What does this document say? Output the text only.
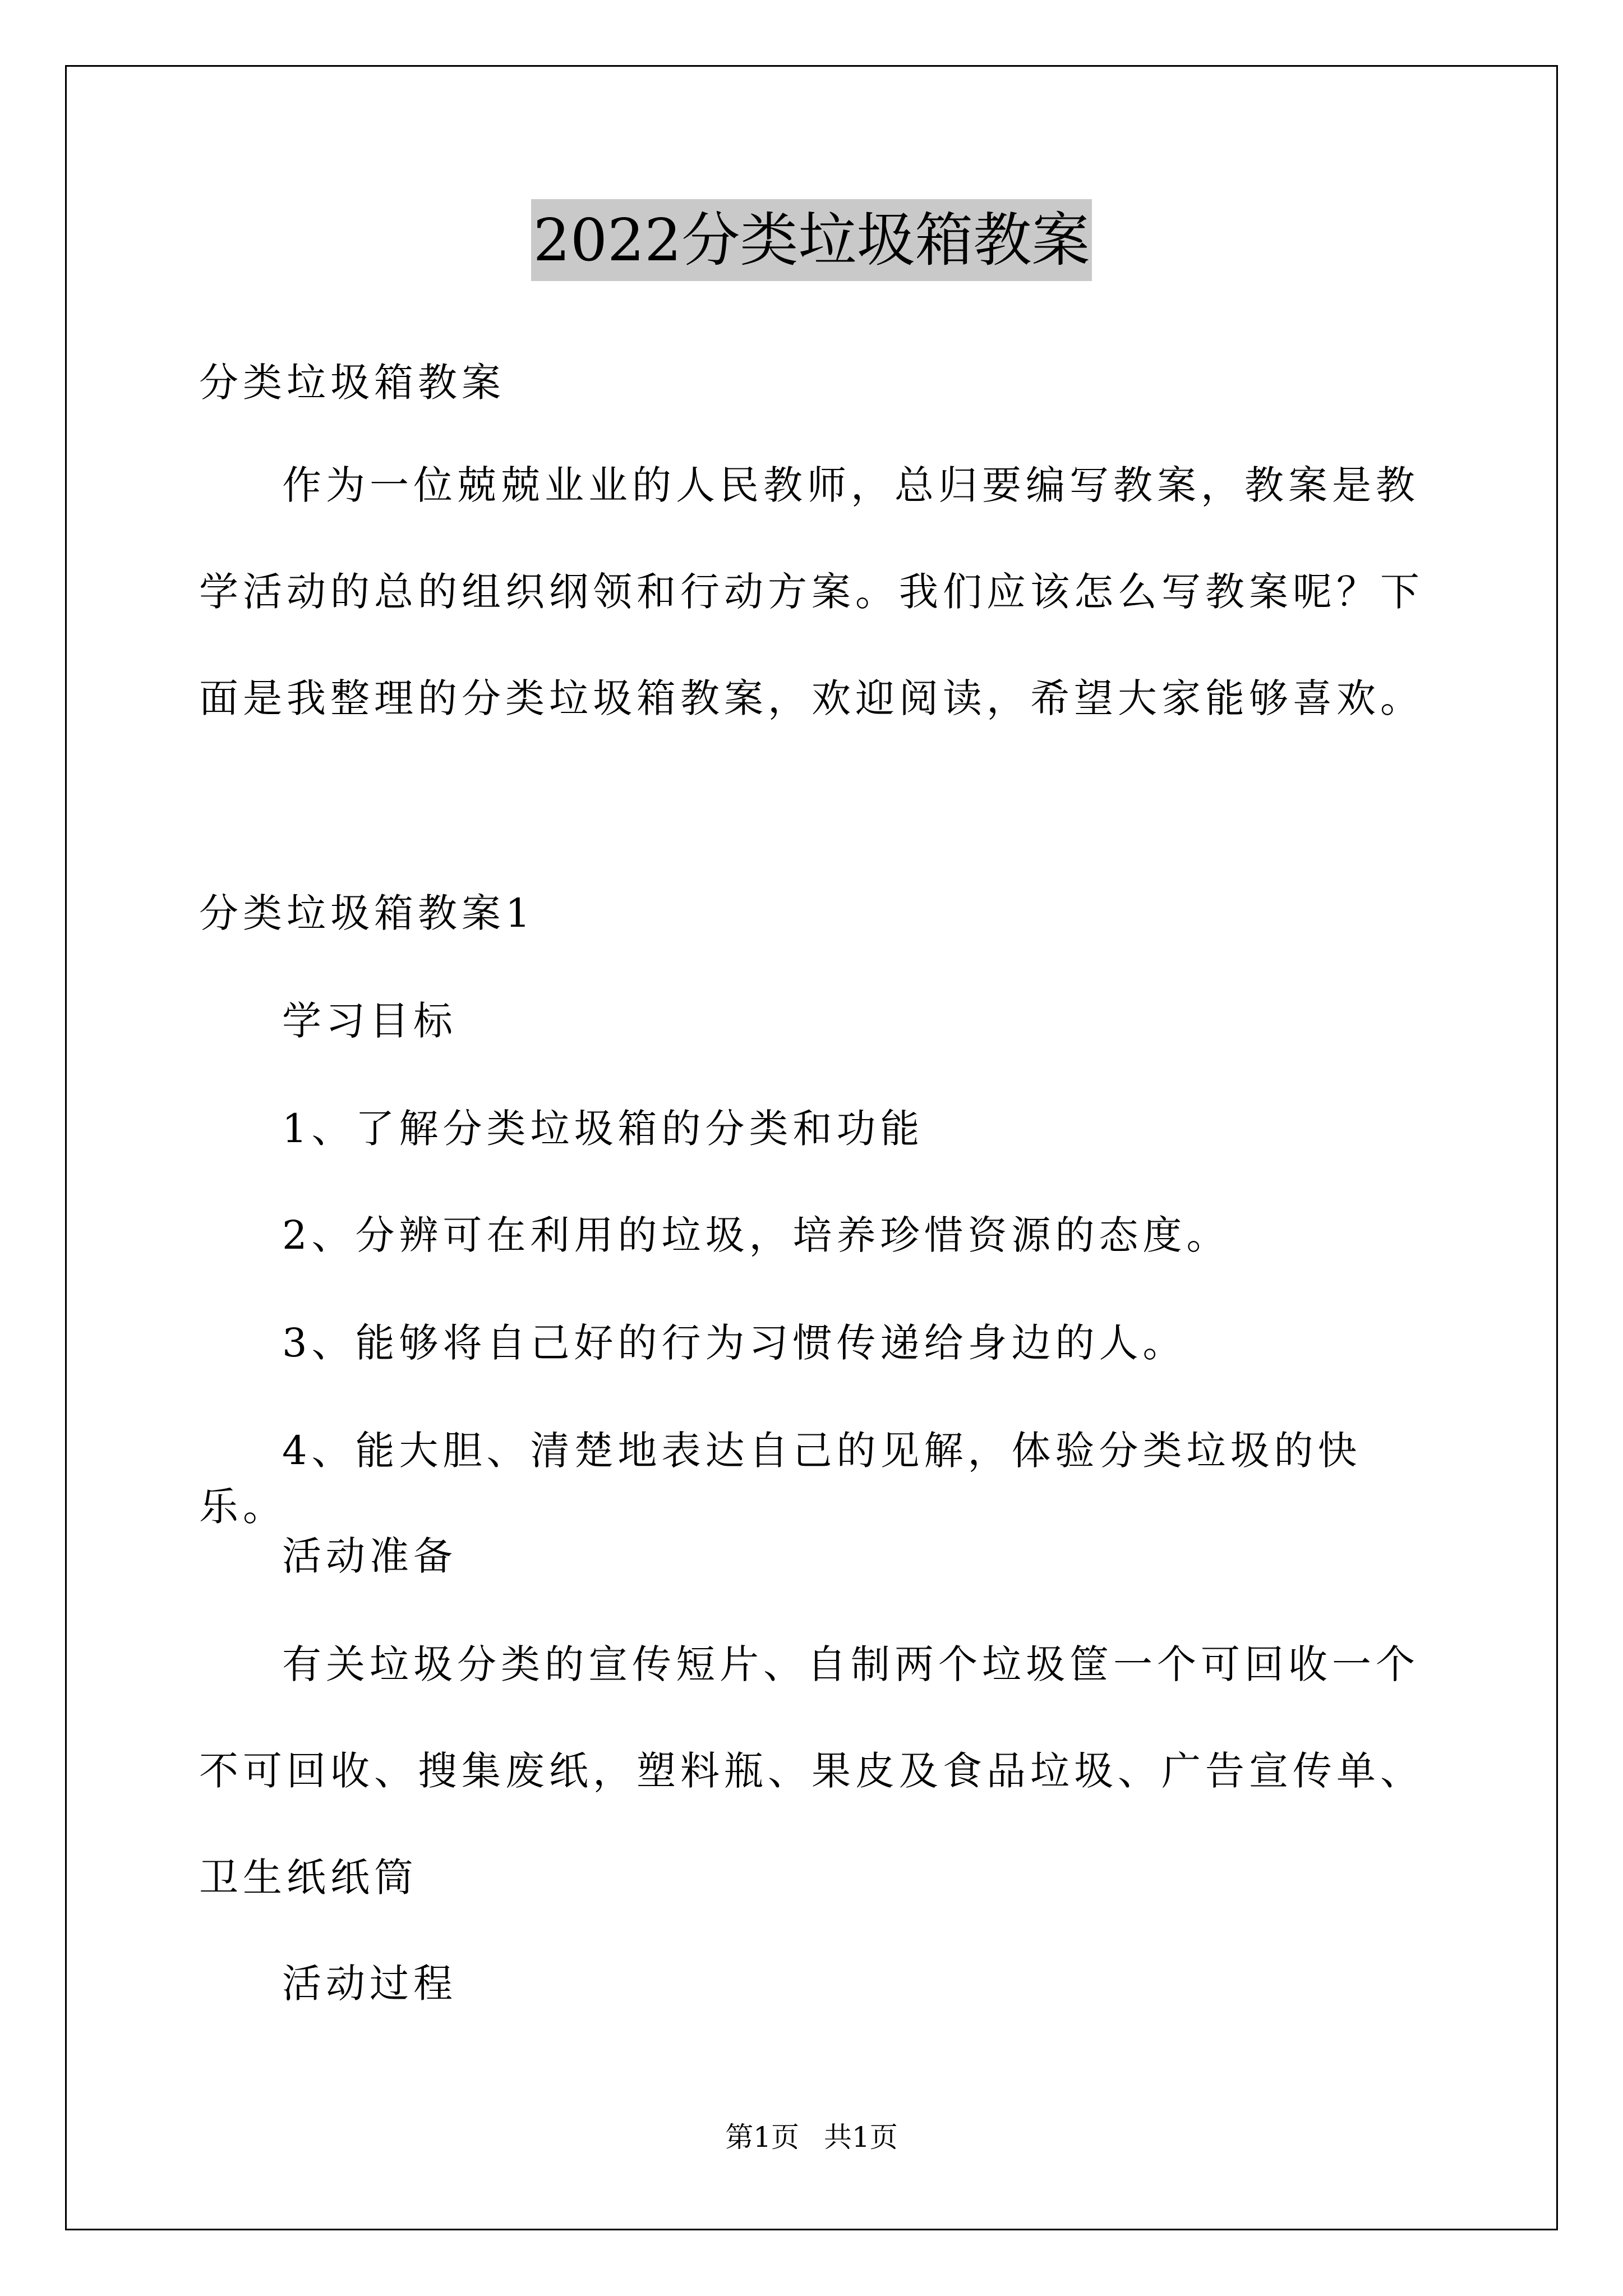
2022分类垃圾箱教案

分类垃圾箱教案

作为一位兢兢业业的人民教师，总归要编写教案，教案是教学活动的总的组织纲领和行动方案。我们应该怎么写教案呢？下面是我整理的分类垃圾箱教案，欢迎阅读，希望大家能够喜欢。

分类垃圾箱教案1

学习目标

1、了解分类垃圾箱的分类和功能

2、分辨可在利用的垃圾，培养珍惜资源的态度。

3、能够将自己好的行为习惯传递给身边的人。

4、能大胆、清楚地表达自己的见解，体验分类垃圾的快乐。

活动准备

有关垃圾分类的宣传短片、自制两个垃圾筐一个可回收一个不可回收、搜集废纸，塑料瓶、果皮及食品垃圾、广告宣传单、卫生纸纸筒

活动过程

第1页 共1页
